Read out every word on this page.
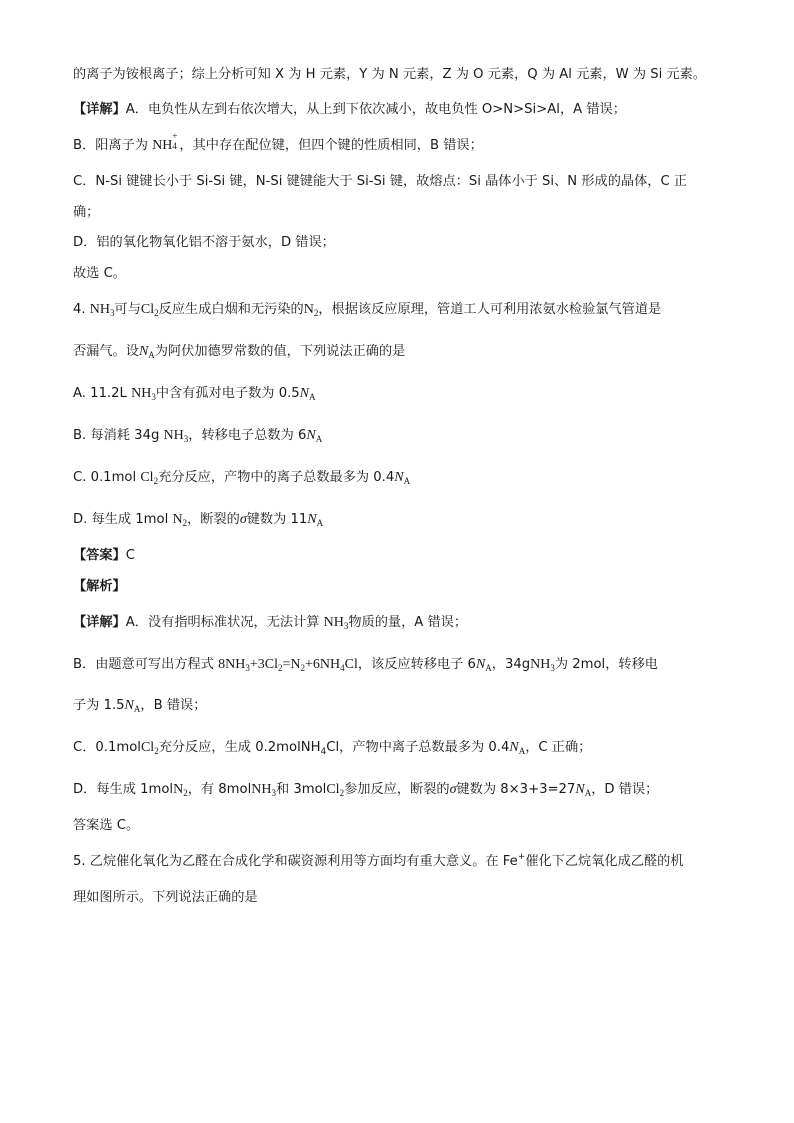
的离子为铵根离子；综上分析可知 X 为 H 元素，Y 为 N 元素，Z 为 O 元素，Q 为 Al 元素，W 为 Si 元素。
【详解】A．电负性从左到右依次增大，从上到下依次减小，故电负性 O>N>Si>Al，A 错误；
B．阳离子为 NH
+
4 ，其中存在配位键，但四个键的性质相同，B 错误；
C．N-Si 键键长小于 Si-Si 键，N-Si 键键能大于 Si-Si 键，故熔点：Si 晶体小于 Si、N 形成的晶体，C 正
确；
D．铝的氧化物氧化铝不溶于氨水，D 错误；
故选 C。
4. $NH_3$可与$Cl_2$反应生成白烟和无污染的$N_2$，根据该反应原理，管道工人可利用浓氨水检验氯气管道是
否漏气。设$N_A$为阿伏加德罗常数的值，下列说法正确的是
A. 11.2L $NH_3$中含有孤对电子数为 $0.5N_A$
B. 每消耗 34g $NH_3$，转移电子总数为 $6N_A$
C. 0.1mol $Cl_2$充分反应，产物中的离子总数最多为 $0.4N_A$
D. 每生成 1mol $N_2$，断裂的σ键数为 $11N_A$
【答案】C
【解析】
【详解】A．没有指明标准状况，无法计算 $NH_3$物质的量，A 错误；
B．由题意可写出方程式 $8NH_3+3Cl_2=N_2+6NH_4Cl$，该反应转移电子 $6N_A$，34gNH$_3$为 2mol，转移电
子为 $1.5N_A$，B 错误；
C．0.1molCl$_2$充分反应，生成 0.2molNH$_4$Cl，产物中离子总数最多为 $0.4N_A$，C 正确；
D．每生成 1molN$_2$，有 8molNH$_3$和 3molCl$_2$参加反应，断裂的σ键数为 $8\times 3+3=27N_A$，D 错误；
答案选 C。
5. 乙烷催化氧化为乙醛在合成化学和碳资源利用等方面均有重大意义。在 Fe+催化下乙烷氧化成乙醛的机
理如图所示。下列说法正确的是
